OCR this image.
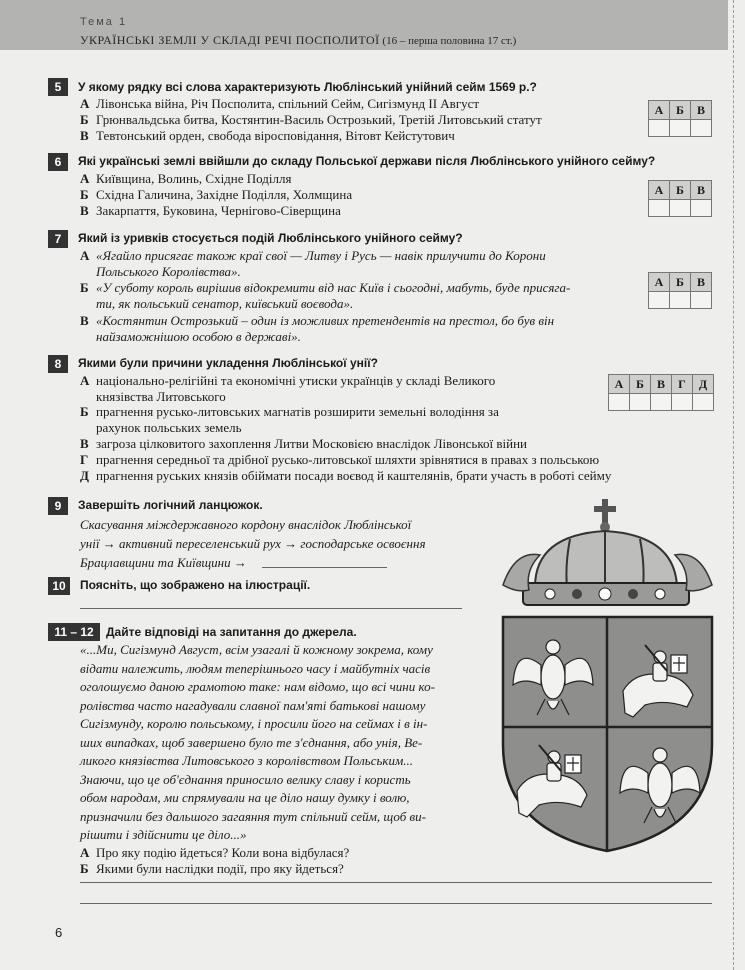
Тема 1
УКРАЇНСЬКІ ЗЕМЛІ У СКЛАДІ РЕЧІ ПОСПОЛИТОЇ (16 – перша половина 17 ст.)
5	У якому рядку всі слова характеризують Люблінський унійний сейм 1569 р.?
А Лівонська війна, Річ Посполита, спільний Сейм, Сигізмунд ІІ Август
Б Грюнвальдська битва, Костянтин-Василь Острозький, Третій Литовський статут
В Тевтонський орден, свобода віросповідання, Вітовт Кейстутович
А	Б	В

6	Які українські землі ввійшли до складу Польської держави після Люблінського унійного сейму?
А Київщина, Волинь, Східне Поділля
Б Східна Галичина, Західне Поділля, Холмщина
В Закарпаття, Буковина, Чернігово-Сіверщина
А	Б	В

7	Який із уривків стосується подій Люблінського унійного сейму?
А «Ягайло присягає також краї свої — Литву і Русь — навік прилучити до Корони
Польського Королівства».
Б «У суботу король вирішив відокремити від нас Київ і сьогодні, мабуть, буде присяга-
ти, як польський сенатор, київський воєвода».
В «Костянтин Острозький – один із можливих претендентів на престол, бо був він
найзаможнішою особою в державі».
А	Б	В

8	Якими були причини укладення Люблінської унії?
А національно-релігійні та економічні утиски українців у складі Великого
князівства Литовського
Б прагнення русько-литовських магнатів розширити земельні володіння за
рахунок польських земель
В загроза цілковитого захоплення Литви Московією внаслідок Лівонської війни
Г прагнення середньої та дрібної русько-литовської шляхти зрівнятися в правах з польською
Д прагнення руських князів обіймати посади воєвод й каштелянів, брати участь в роботі сейму
А	Б	В	Г	Д

9	Завершіть логічний ланцюжок.
Скасування міждержавного кордону внаслідок Люблінської
унії → активний переселенський рух → господарське освоєння
Брацлавщини та Київщини →
10	Поясніть, що зображено на ілюстрації.
11 – 12	Дайте відповіді на запитання до джерела.
«...Ми, Сигізмунд Август, всім узагалі й кожному зокрема, кому
відати належить, людям теперішнього часу і майбутніх часів
оголошуємо даною грамотою таке: нам відомо, що всі чини ко-
ролівства часто нагадували славної пам'яті батькові нашому
Сигізмунду, королю польському, і просили його на сеймах і в ін-
ших випадках, щоб завершено було те з'єднання, або унія, Ве-
ликого князівства Литовського з королівством Польським...
Знаючи, що це об'єднання приносило велику славу і користь
обом народам, ми спрямували на це діло нашу думку і волю,
призначили без дальшого загаяння тут спільний сейм, щоб ви-
рішити і здійснити це діло...»
А Про яку подію йдеться? Коли вона відбулася?
Б Якими були наслідки події, про яку йдеться?
6
